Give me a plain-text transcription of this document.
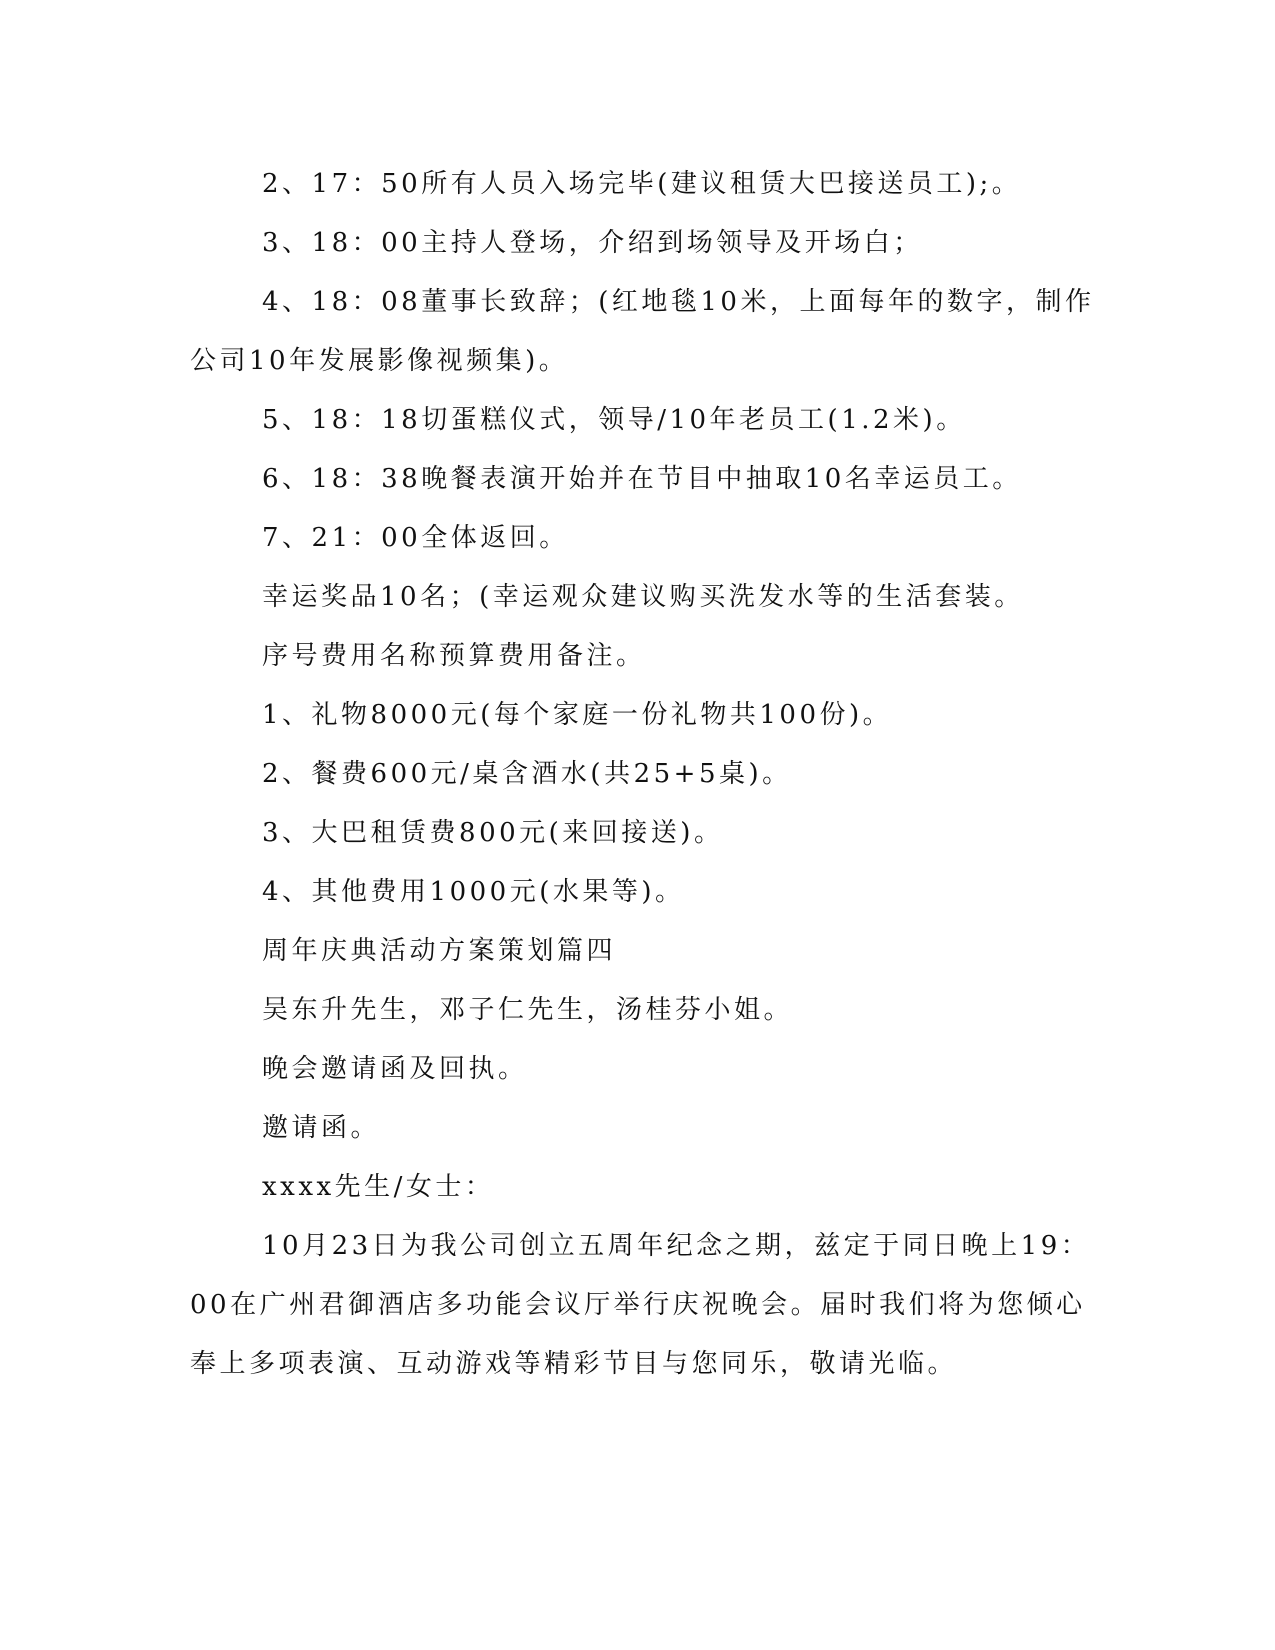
2、17：50所有人员入场完毕(建议租赁大巴接送员工);。
3、18：00主持人登场，介绍到场领导及开场白；
4、18：08董事长致辞；(红地毯10米，上面每年的数字，制作
公司10年发展影像视频集)。
5、18：18切蛋糕仪式，领导/10年老员工(1.2米)。
6、18：38晚餐表演开始并在节目中抽取10名幸运员工。
7、21：00全体返回。
幸运奖品10名；(幸运观众建议购买洗发水等的生活套装。
序号费用名称预算费用备注。
1、礼物8000元(每个家庭一份礼物共100份)。
2、餐费600元/桌含酒水(共25+5桌)。
3、大巴租赁费800元(来回接送)。
4、其他费用1000元(水果等)。
周年庆典活动方案策划篇四
吴东升先生，邓子仁先生，汤桂芬小姐。
晚会邀请函及回执。
邀请函。
xxxx先生/女士：
10月23日为我公司创立五周年纪念之期，兹定于同日晚上19：
00在广州君御酒店多功能会议厅举行庆祝晚会。届时我们将为您倾心
奉上多项表演、互动游戏等精彩节目与您同乐，敬请光临。
